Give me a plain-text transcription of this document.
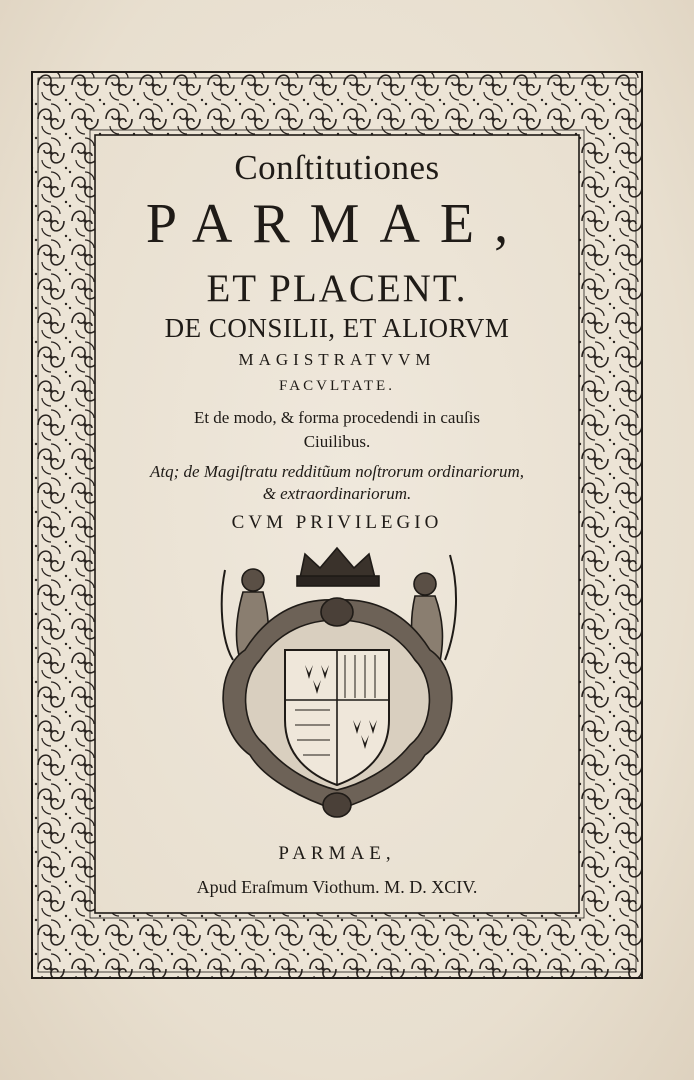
Conſtitutiones
PARMAE,
ET PLACENT.
DE CONSILII, ET ALIORVM
MAGISTRATVVM
FACVLTATE.
Et de modo, & forma procedendi in cauſis
Ciuilibus.
Atq; de Magiſtratu redditũum noſtrorum ordinariorum,
& extraordinariorum.
CVM PRIVILEGIO
PARMAE,
Apud Eraſmum Viothum. M. D. XCIV.
